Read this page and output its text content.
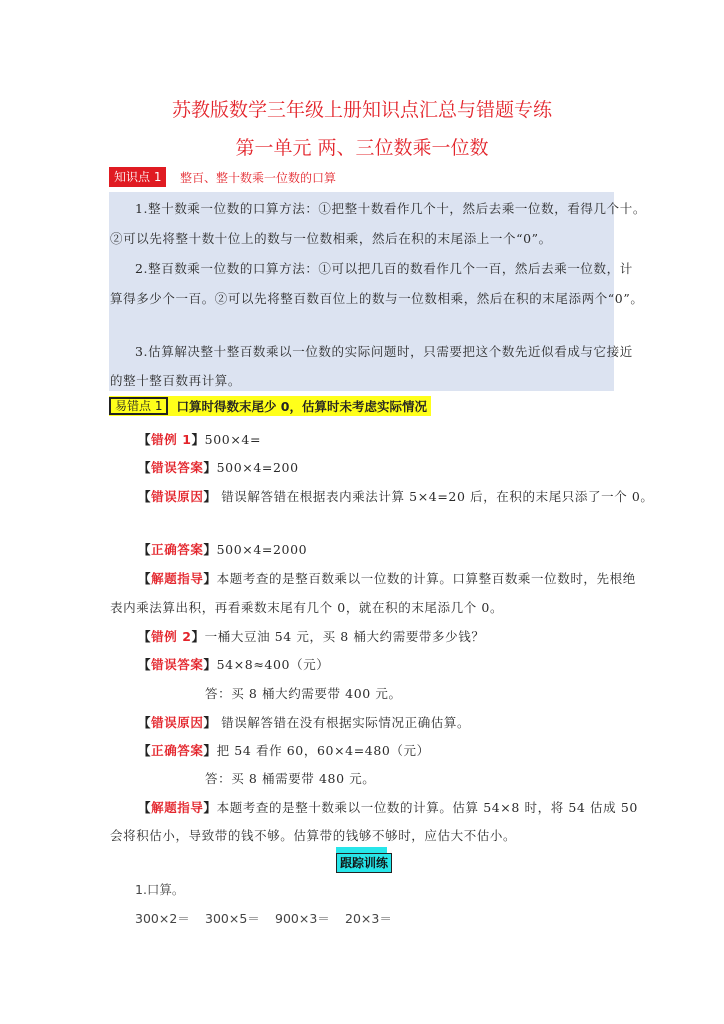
苏教版数学三年级上册知识点汇总与错题专练
第一单元 两、三位数乘一位数
知识点 1	整百、整十数乘一位数的口算
1.整十数乘一位数的口算方法：①把整十数看作几个十，然后去乘一位数，看得几个十。
②可以先将整十数十位上的数与一位数相乘，然后在积的末尾添上一个“0”。
2.整百数乘一位数的口算方法：①可以把几百的数看作几个一百，然后去乘一位数，计
算得多少个一百。②可以先将整百数百位上的数与一位数相乘，然后在积的末尾添两个“0”。
3.估算解决整十整百数乘以一位数的实际问题时，只需要把这个数先近似看成与它接近
的整十整百数再计算。
易错点 1	口算时得数末尾少 0，估算时未考虑实际情况
【错例 1】500×4=
【错误答案】500×4=200
【错误原因】 错误解答错在根据表内乘法计算 5×4=20 后，在积的末尾只添了一个 0。
【正确答案】500×4=2000
【解题指导】本题考查的是整百数乘以一位数的计算。口算整百数乘一位数时，先根绝
表内乘法算出积，再看乘数末尾有几个 0，就在积的末尾添几个 0。
【错例 2】一桶大豆油 54 元，买 8 桶大约需要带多少钱？
【错误答案】54×8≈400（元）
答：买 8 桶大约需要带 400 元。
【错误原因】 错误解答错在没有根据实际情况正确估算。
【正确答案】把 54 看作 60，60×4=480（元）
答：买 8 桶需要带 480 元。
【解题指导】本题考查的是整十数乘以一位数的计算。估算 54×8 时，将 54 估成 50
会将积估小，导致带的钱不够。估算带的钱够不够时，应估大不估小。
跟踪训练
1.口算。
300×2＝ 300×5＝ 900×3＝ 20×3＝
